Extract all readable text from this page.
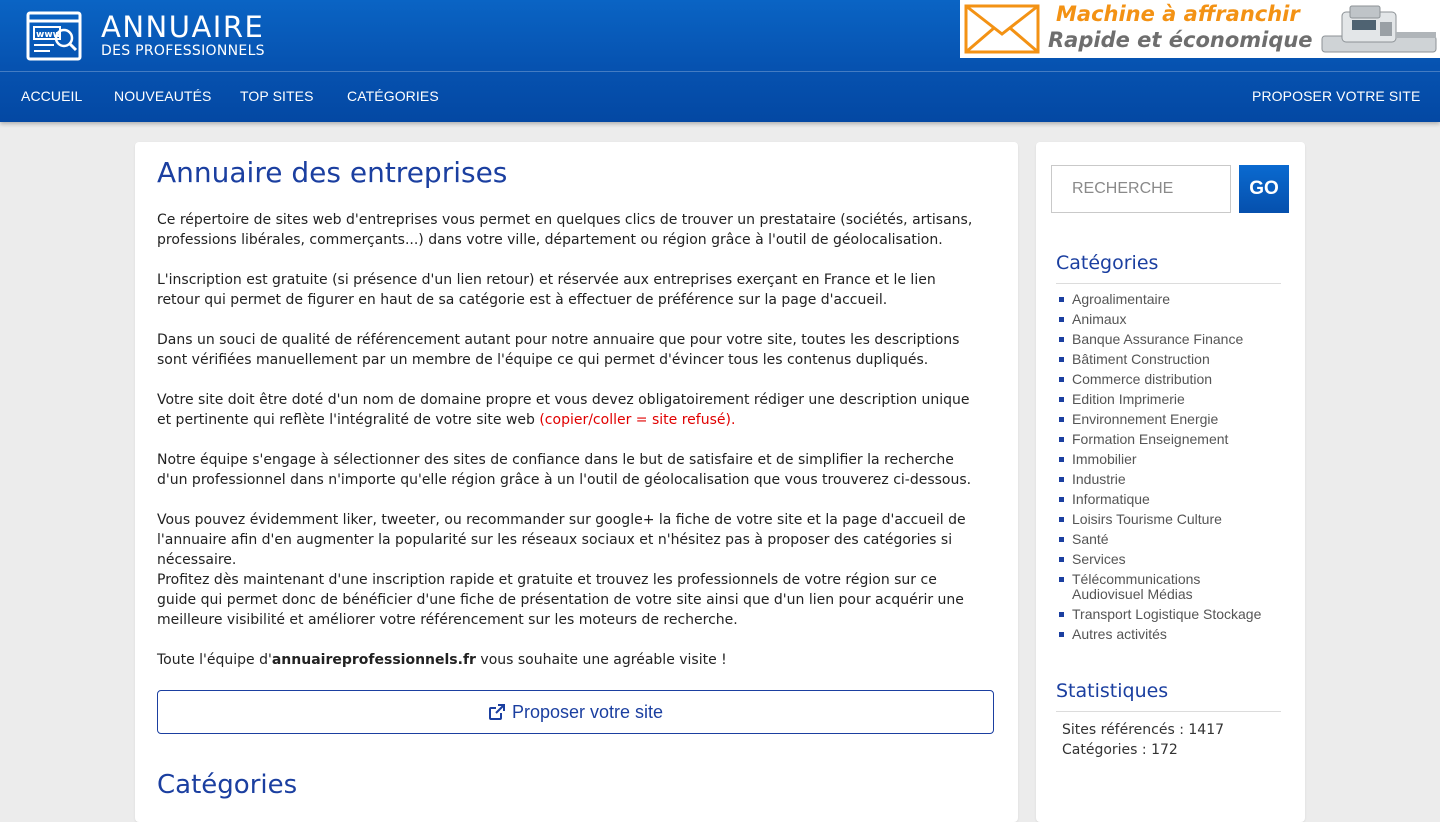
www ANNUAIRE
DES PROFESSIONNELS
Machine à affranchir
Rapide et économique
ACCUEIL NOUVEAUTÉS TOP SITES CATÉGORIES	PROPOSER VOTRE SITE
Annuaire des entreprises

Ce répertoire de sites web d'entreprises vous permet en quelques clics de trouver un prestataire (sociétés, artisans, professions libérales, commerçants...) dans votre ville, département ou région grâce à l'outil de géolocalisation.

L'inscription est gratuite (si présence d'un lien retour) et réservée aux entreprises exerçant en France et le lien retour qui permet de figurer en haut de sa catégorie est à effectuer de préférence sur la page d'accueil.

Dans un souci de qualité de référencement autant pour notre annuaire que pour votre site, toutes les descriptions sont vérifiées manuellement par un membre de l'équipe ce qui permet d'évincer tous les contenus dupliqués.

Votre site doit être doté d'un nom de domaine propre et vous devez obligatoirement rédiger une description unique et pertinente qui reflète l'intégralité de votre site web (copier/coller = site refusé).

Notre équipe s'engage à sélectionner des sites de confiance dans le but de satisfaire et de simplifier la recherche d'un professionnel dans n'importe qu'elle région grâce à un l'outil de géolocalisation que vous trouverez ci-dessous.

Vous pouvez évidemment liker, tweeter, ou recommander sur google+ la fiche de votre site et la page d'accueil de l'annuaire afin d'en augmenter la popularité sur les réseaux sociaux et n'hésitez pas à proposer des catégories si nécessaire.

Profitez dès maintenant d'une inscription rapide et gratuite et trouvez les professionnels de votre région sur ce guide qui permet donc de bénéficier d'une fiche de présentation de votre site ainsi que d'un lien pour acquérir une meilleure visibilité et améliorer votre référencement sur les moteurs de recherche.

Toute l'équipe d'annuaireprofessionnels.fr vous souhaite une agréable visite !

Proposer votre site
Catégories
RECHERCHE
GO
Catégories
Agroalimentaire
Animaux
Banque Assurance Finance
Bâtiment Construction
Commerce distribution
Edition Imprimerie
Environnement Energie
Formation Enseignement
Immobilier
Industrie
Informatique
Loisirs Tourisme Culture
Santé
Services
Télécommunications Audiovisuel Médias
Transport Logistique Stockage
Autres activités
Statistiques
Sites référencés : 1417
Catégories : 172
